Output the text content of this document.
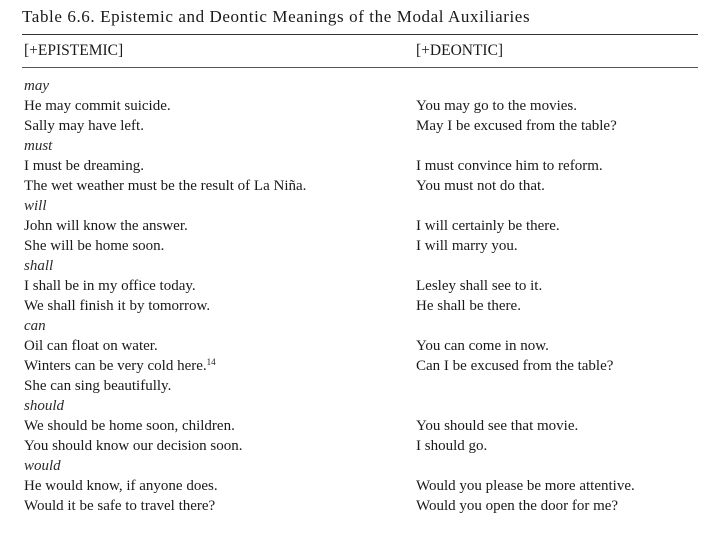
Table 6.6. Epistemic and Deontic Meanings of the Modal Auxiliaries
[+EPISTEMIC]	[+DEONTIC]
may
He may commit suicide.	You may go to the movies.
Sally may have left.	May I be excused from the table?
must
I must be dreaming.	I must convince him to reform.
The wet weather must be the result of La Niña.	You must not do that.
will
John will know the answer.	I will certainly be there.
She will be home soon.	I will marry you.
shall
I shall be in my office today.	Lesley shall see to it.
We shall finish it by tomorrow.	He shall be there.
can
Oil can float on water.	You can come in now.
Winters can be very cold here.$^{14}$	Can I be excused from the table?
She can sing beautifully.
should
We should be home soon, children.	You should see that movie.
You should know our decision soon.	I should go.
would
He would know, if anyone does.	Would you please be more attentive.
Would it be safe to travel there?	Would you open the door for me?
